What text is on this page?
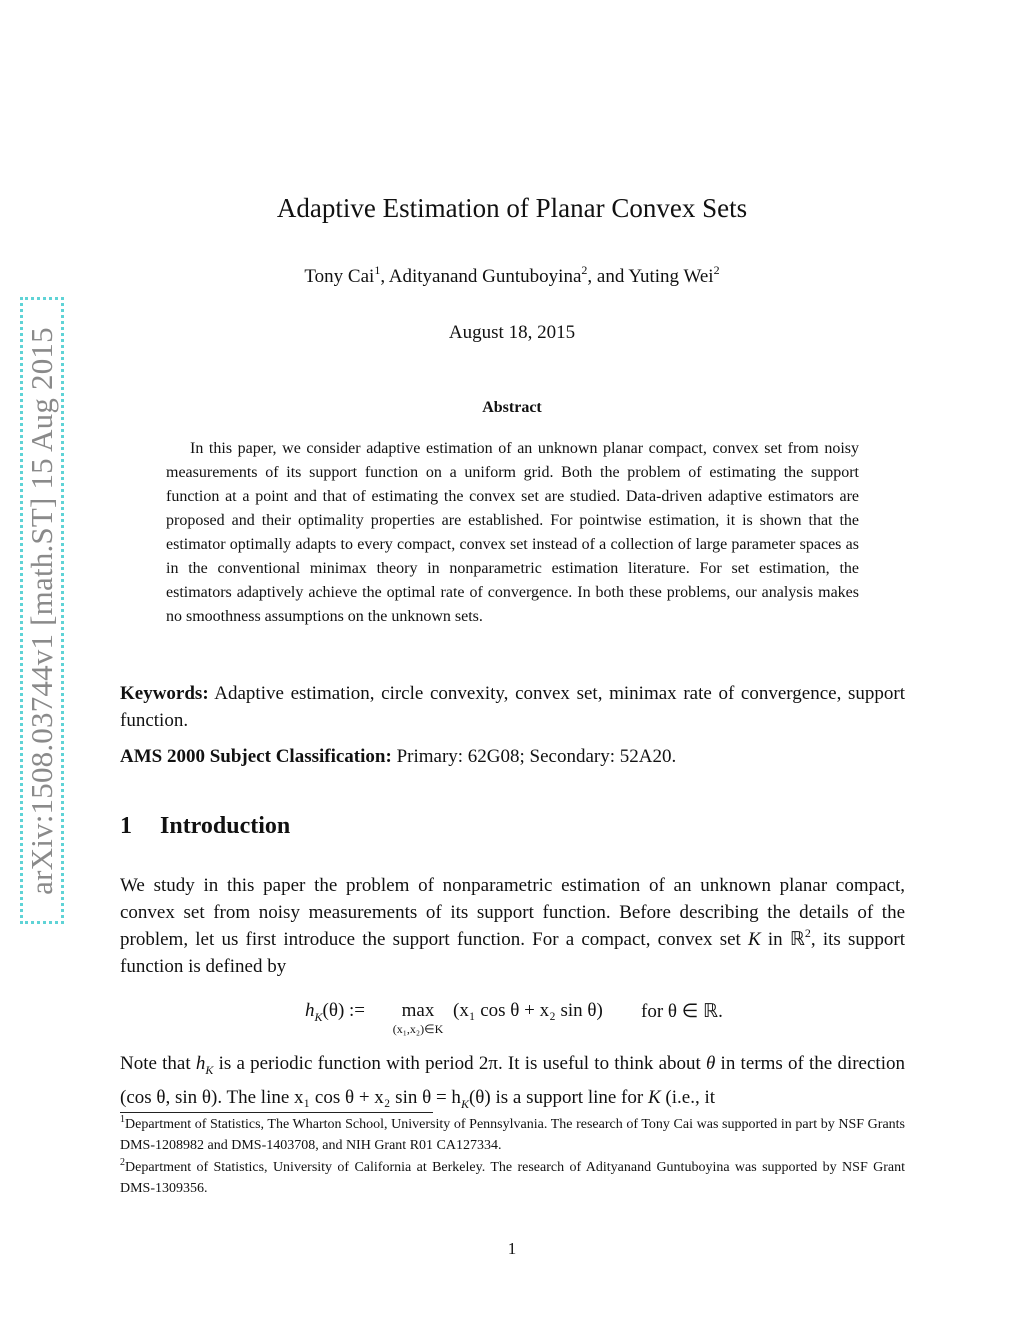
arXiv:1508.03744v1 [math.ST] 15 Aug 2015
Adaptive Estimation of Planar Convex Sets
Tony Cai$^1$, Adityanand Guntuboyina$^2$, and Yuting Wei$^2$
August 18, 2015
Abstract

In this paper, we consider adaptive estimation of an unknown planar compact, convex set from noisy measurements of its support function on a uniform grid. Both the problem of estimating the support function at a point and that of estimating the convex set are studied. Data-driven adaptive estimators are proposed and their optimality properties are established. For pointwise estimation, it is shown that the estimator optimally adapts to every compact, convex set instead of a collection of large parameter spaces as in the conventional minimax theory in nonparametric estimation literature. For set estimation, the estimators adaptively achieve the optimal rate of convergence. In both these problems, our analysis makes no smoothness assumptions on the unknown sets.

Keywords: Adaptive estimation, circle convexity, convex set, minimax rate of convergence, support function.

AMS 2000 Subject Classification: Primary: 62G08; Secondary: 52A20.

1 Introduction

We study in this paper the problem of nonparametric estimation of an unknown planar compact, convex set from noisy measurements of its support function. Before describing the details of the problem, let us first introduce the support function. For a compact, convex set K in ℝ$^2$, its support function is defined by

$h_K(\theta)$ :=	max
(x₁,x₂)∈K
(x₁ cos θ + x₂ sin θ) for θ ∈ ℝ.

Note that $h_K$ is a periodic function with period 2π. It is useful to think about θ in terms of the direction (cos θ, sin θ). The line x₁ cos θ + x₂ $\sin \theta = h_K(\theta)$ is a support line for K (i.e., it

$^1$Department of Statistics, The Wharton School, University of Pennsylvania. The research of Tony Cai was supported in part by NSF Grants DMS-1208982 and DMS-1403708, and NIH Grant R01 CA127334.

$^2$Department of Statistics, University of California at Berkeley. The research of Adityanand Guntuboyina was supported by NSF Grant DMS-1309356.

1
